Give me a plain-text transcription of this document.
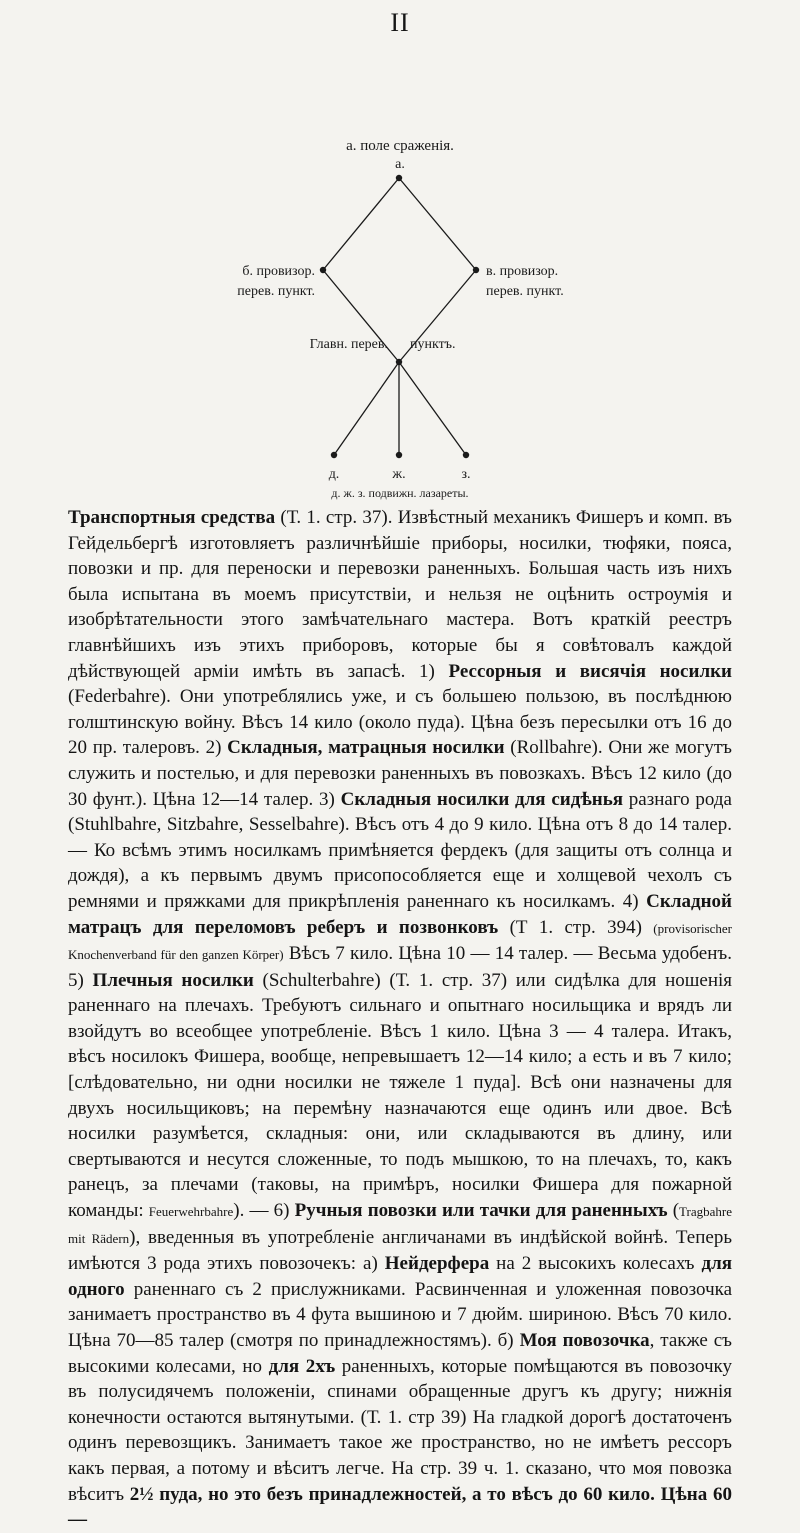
II
а. поле сраженія.
а.
б. провизор.
перев. пункт.
в. провизор.
перев. пункт.
Главн. перев. пунктъ.
д.	ж.	з.
д. ж. з. подвижн. лазареты.

Транспортныя средства (Т. 1. стр. 37). Извѣстный механикъ Фишеръ и комп. въ Гейдельбергѣ изготовляетъ различнѣйшіе приборы, носилки, тюфяки, пояса, повозки и пр. для переноски и перевозки раненныхъ. Большая часть изъ нихъ была испытана въ моемъ присутствіи, и нельзя не оцѣнить остроумія и изобрѣтательности этого замѣчательнаго мастера. Вотъ краткій реестръ главнѣйшихъ изъ этихъ приборовъ, которые бы я совѣтовалъ каждой дѣйствующей арміи имѣть въ запасѣ. 1) Рессорныя и висячія носилки (Federbahre). Они употреблялись уже, и съ большею пользою, въ послѣднюю голштинскую войну. Вѣсъ 14 кило (около пуда). Цѣна безъ пересылки отъ 16 до 20 пр. талеровъ. 2) Складныя, матрацныя носилки (Rollbahre). Они же могутъ служить и постелью, и для перевозки раненныхъ въ повозкахъ. Вѣсъ 12 кило (до 30 фунт.). Цѣна 12—14 талер. 3) Складныя носилки для сидѣнья разнаго рода (Stuhlbahre, Sitzbahre, Sesselbahre). Вѣсъ отъ 4 до 9 кило. Цѣна отъ 8 до 14 талер. — Ко всѣмъ этимъ носилкамъ примѣняется фердекъ (для защиты отъ солнца и дождя), а къ первымъ двумъ присопособляется еще и холщевой чехолъ съ ремнями и пряжками для прикрѣпленія раненнаго къ носилкамъ. 4) Складной матрацъ для переломовъ реберъ и позвонковъ (Т 1. стр. 394) (provisorischer Knochenverband für den ganzen Körper) Вѣсъ 7 кило. Цѣна 10 — 14 талер. — Весьма удобенъ. 5) Плечныя носилки (Schulterbahre) (Т. 1. стр. 37) или сидѣлка для ношенія раненнаго на плечахъ. Требуютъ сильнаго и опытнаго носильщика и врядъ ли взойдутъ во всеобщее употребленіе. Вѣсъ 1 кило. Цѣна 3 — 4 талера. Итакъ, вѣсъ носилокъ Фишера, вообще, непревышаетъ 12—14 кило; а есть и въ 7 кило; [слѣдовательно, ни одни носилки не тяжеле 1 пуда]. Всѣ они назначены для двухъ носильщиковъ; на перемѣну назначаются еще одинъ или двое. Всѣ носилки разумѣется, складныя: они, или складываются въ длину, или свертываются и несутся сложенные, то подъ мышкою, то на плечахъ, то, какъ ранецъ, за плечами (таковы, на примѣръ, носилки Фишера для пожарной команды: Feuerwehrbahre). — 6) Ручныя повозки или тачки для раненныхъ (Tragbahre mit Rädern), введенныя въ употребленіе англичанами въ индѣйской войнѣ. Теперь имѣются 3 рода этихъ повозочекъ: а) Нейдерфера на 2 высокихъ колесахъ для одного раненнаго съ 2 прислужниками. Расвинченная и уложенная повозочка занимаетъ пространство въ 4 фута вышиною и 7 дюйм. шириною. Вѣсъ 70 кило. Цѣна 70—85 талер (смотря по принадлежностямъ). б) Моя повозочка, также съ высокими колесами, но для 2хъ раненныхъ, которые помѣщаются въ повозочку въ полусидячемъ положеніи, спинами обращенные другъ къ другу; нижнія конечности остаются вытянутыми. (Т. 1. стр 39) На гладкой дорогѣ достаточенъ одинъ перевозщикъ. Занимаетъ такое же пространство, но не имѣетъ рессоръ какъ первая, а потому и вѣситъ легче. На стр. 39 ч. 1. сказано, что моя повозка вѣситъ 2½ пуда, но это безъ принадлежностей, а то вѣсъ до 60 кило. Цѣна 60—
